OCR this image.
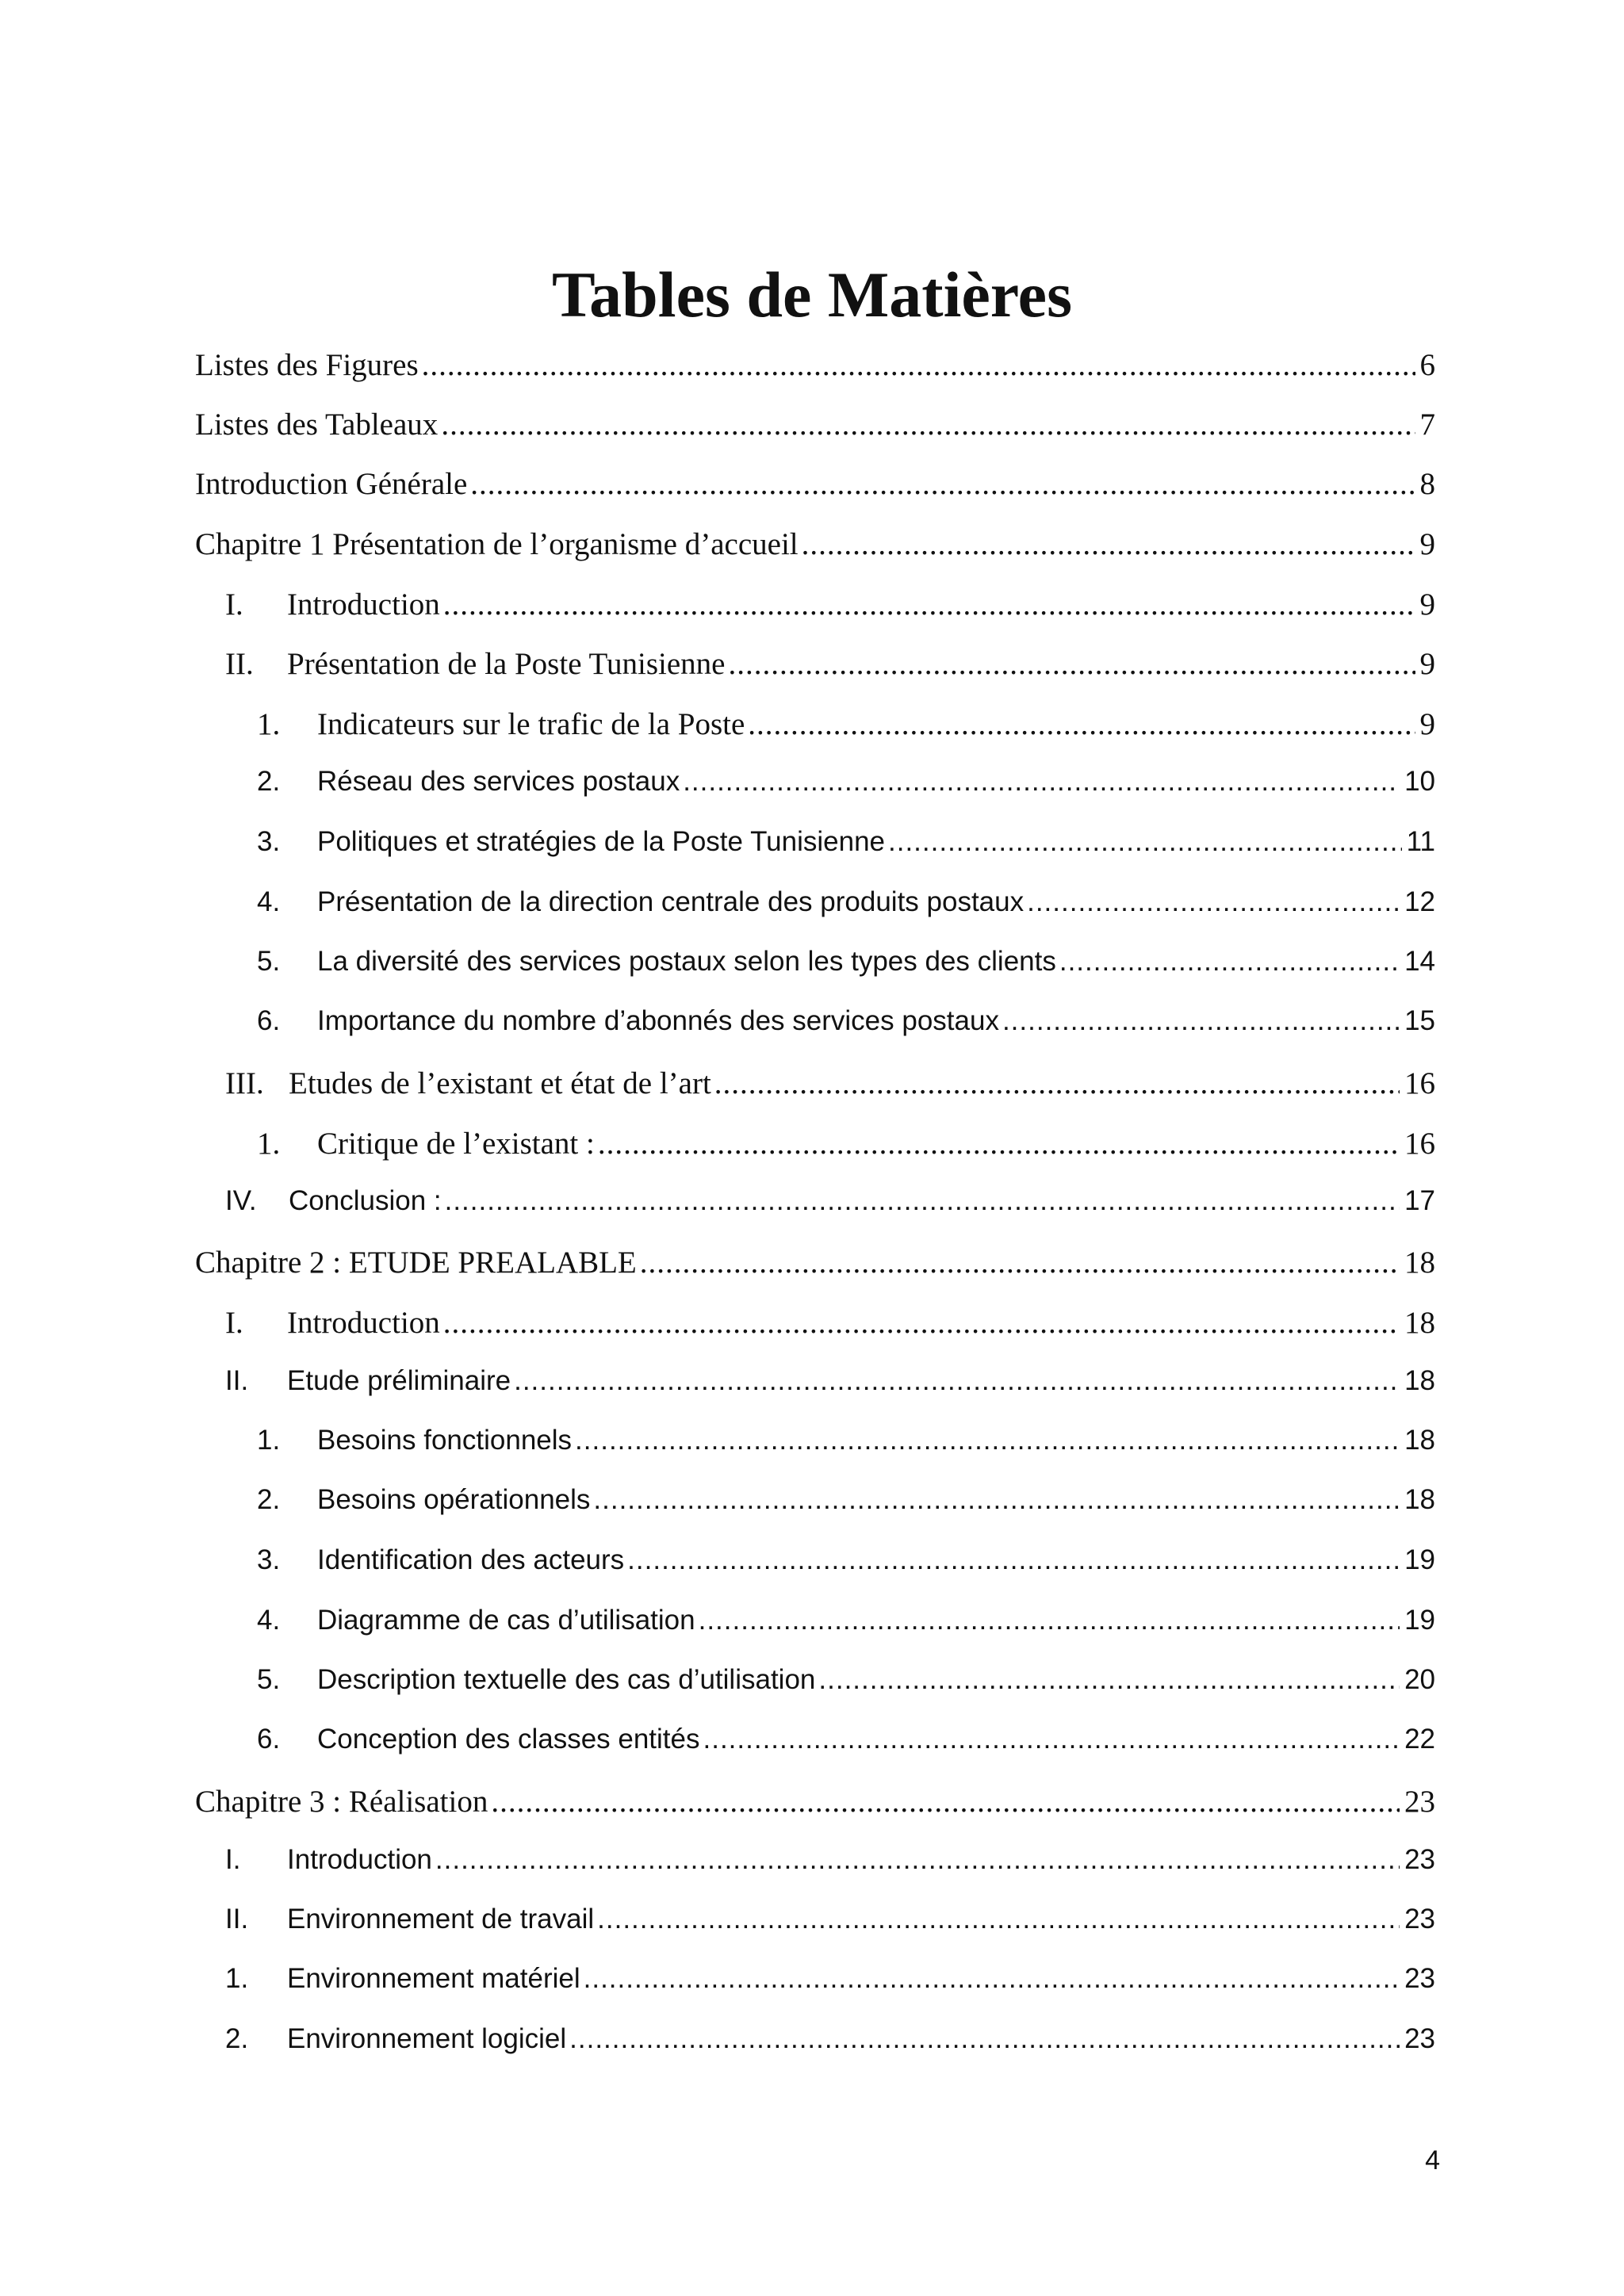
Tables de Matières
Listes des Figures .....	6
Listes des Tableaux .....	7
Introduction Générale .....	8
Chapitre 1 Présentation de l’organisme d’accueil .....	9
I.	Introduction .....	9
II.	Présentation de la Poste Tunisienne .....	9
1.	Indicateurs sur le trafic de la Poste .....	9
2.	Réseau des services postaux .....	10
3.	Politiques et stratégies de la Poste Tunisienne .....	11
4.	Présentation de la direction centrale des produits postaux .....	12
5.	La diversité des services postaux selon les types des clients .....	14
6.	Importance du nombre d’abonnés des services postaux .....	15
III. Etudes de l’existant et état de l’art .....	16
1.	Critique de l’existant : .....	16
IV.	Conclusion : .....	17
Chapitre 2 : ETUDE PREALABLE .....	18
I.	Introduction .....	18
II.	Etude préliminaire .....	18
1.	Besoins fonctionnels .....	18
2.	Besoins opérationnels .....	18
3.	Identification des acteurs .....	19
4.	Diagramme de cas d’utilisation .....	19
5.	Description textuelle des cas d’utilisation .....	20
6.	Conception des classes entités .....	22
Chapitre 3 : Réalisation .....	23
I.	Introduction .....	23
II.	Environnement de travail .....	23
1.	Environnement matériel .....	23
2.	Environnement logiciel .....	23
4
